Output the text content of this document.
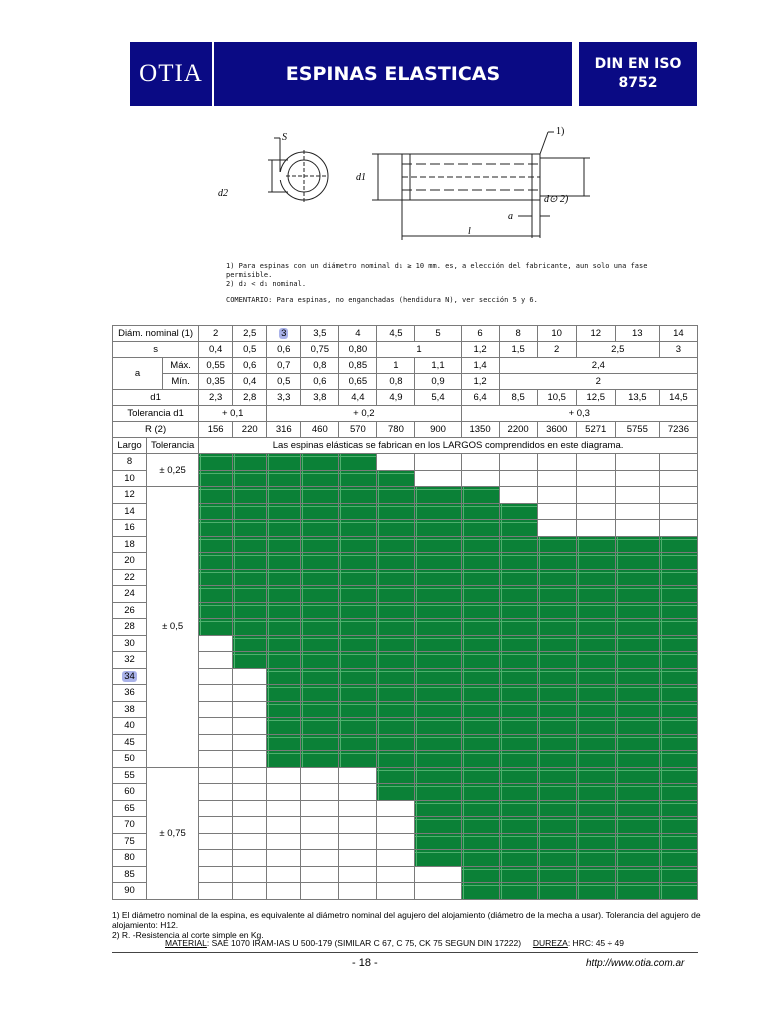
OTIA	ESPINAS ELASTICAS	DIN EN ISO
8752
S
d2
d1
1)
d⊙ 2)
a
l
1) Para espinas con un diámetro nominal d₁ ≥ 10 mm. es, a elección del fabricante, aun solo una fase
permisible.
2) d₂ < d₁ nominal.
COMENTARIO: Para espinas, no enganchadas (hendidura N), ver sección 5 y 6.
Diám. nominal (1)			2	2,5	3	3,5	4	4,5	5	6	8	10	12	13	14
s			0,4	0,5	0,6	0,75	0,80	1		1,2	1,5	2	2,5		3
a		Máx.	0,55	0,6	0,7	0,8	0,85	1	1,1	1,4	2,4				
		Mín.	0,35	0,4	0,5	0,6	0,65	0,8	0,9	1,2	2				
d1			2,3	2,8	3,3	3,8	4,4	4,9	5,4	6,4	8,5	10,5	12,5	13,5	14,5
Tolerancia d1			+ 0,1		+ 0,2					+ 0,3					
R (2)			156	220	316	460	570	780	900	1350	2200	3600	5271	5755	7236
Largo	Tolerancia		Las espinas elásticas se fabrican en los LARGOS comprendidos en este diagrama.												
8	± 0,25														
10															
12	± 0,5														
14															
16															
18															
20															
22															
24															
26															
28															
30															
32															
34															
36															
38															
40															
45															
50															
55	± 0,75														
60															
65															
70															
75															
80															
85															
90															
1) El diámetro nominal de la espina, es equivalente al diámetro nominal del agujero del alojamiento (diámetro de la mecha a usar). Tolerancia del agujero de alojamiento: H12.
2) R. -Resistencia al corte simple en Kg.
MATERIAL: SAE 1070 IRAM-IAS U 500-179 (SIMILAR C 67, C 75, CK 75 SEGUN DIN 17222) DUREZA: HRC: 45 ÷ 49
- 18 -	http://www.otia.com.ar
